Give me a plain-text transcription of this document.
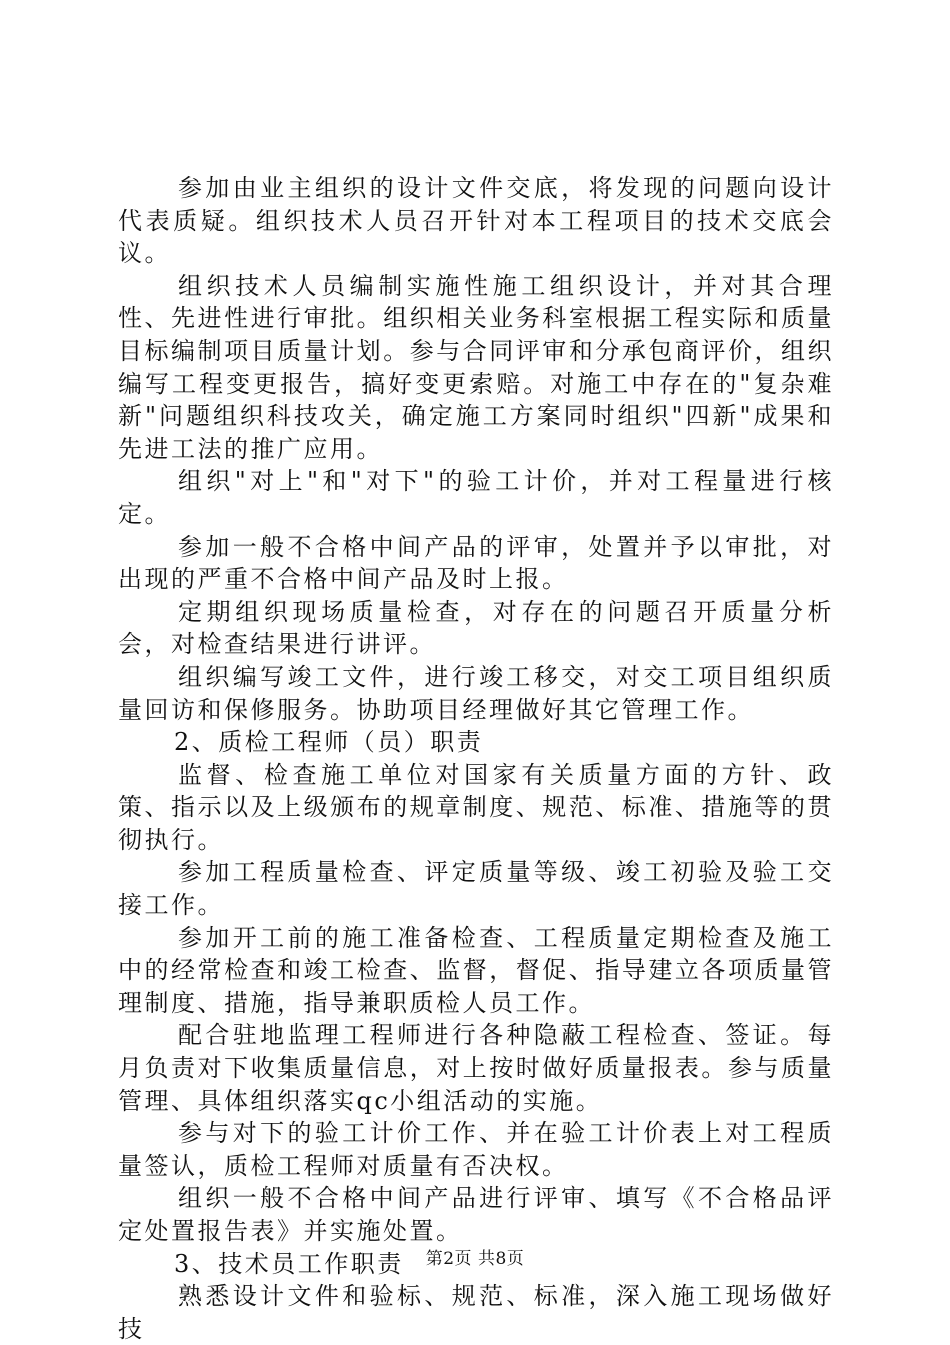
参加由业主组织的设计文件交底，将发现的问题向设计代表质疑。组织技术人员召开针对本工程项目的技术交底会议。

组织技术人员编制实施性施工组织设计，并对其合理性、先进性进行审批。组织相关业务科室根据工程实际和质量目标编制项目质量计划。参与合同评审和分承包商评价，组织编写工程变更报告，搞好变更索赔。对施工中存在的"复杂难新"问题组织科技攻关，确定施工方案同时组织"四新"成果和先进工法的推广应用。

组织"对上"和"对下"的验工计价，并对工程量进行核定。

参加一般不合格中间产品的评审，处置并予以审批，对出现的严重不合格中间产品及时上报。

定期组织现场质量检查，对存在的问题召开质量分析会，对检查结果进行讲评。

组织编写竣工文件，进行竣工移交，对交工项目组织质量回访和保修服务。协助项目经理做好其它管理工作。

2、质检工程师（员）职责

监督、检查施工单位对国家有关质量方面的方针、政策、指示以及上级颁布的规章制度、规范、标准、措施等的贯彻执行。

参加工程质量检查、评定质量等级、竣工初验及验工交接工作。

参加开工前的施工准备检查、工程质量定期检查及施工中的经常检查和竣工检查、监督，督促、指导建立各项质量管理制度、措施，指导兼职质检人员工作。

配合驻地监理工程师进行各种隐蔽工程检查、签证。每月负责对下收集质量信息，对上按时做好质量报表。参与质量管理、具体组织落实qc小组活动的实施。

参与对下的验工计价工作、并在验工计价表上对工程质量签认，质检工程师对质量有否决权。

组织一般不合格中间产品进行评审、填写《不合格品评定处置报告表》并实施处置。

3、技术员工作职责

熟悉设计文件和验标、规范、标准，深入施工现场做好技

第2页 共8页
